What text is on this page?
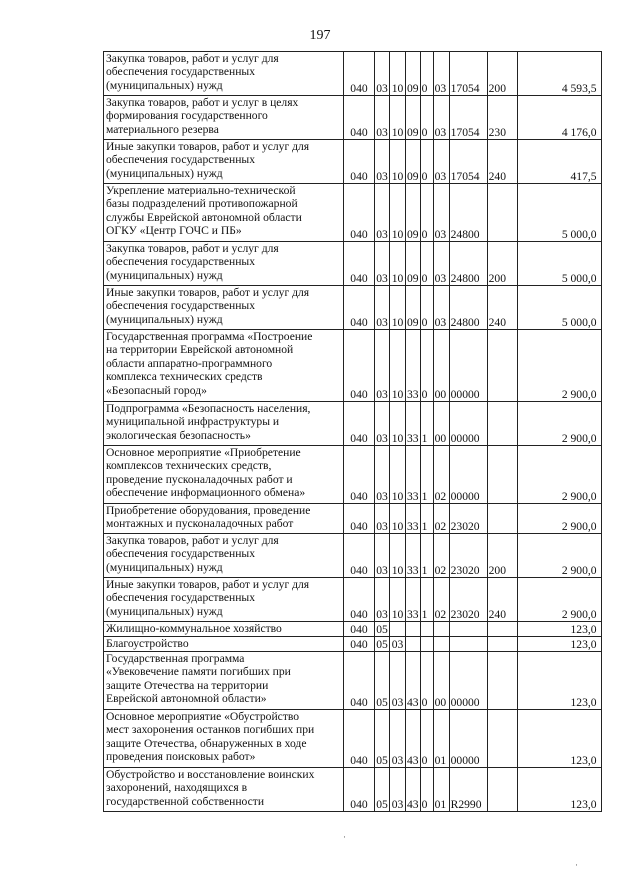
197
Закупка товаров, работ и услуг для
обеспечения государственных
(муниципальных) нужд	040	03	10	09	0	03	17054	200	4 593,5

Закупка товаров, работ и услуг в целях
формирования государственного
материального резерва	040	03	10	09	0	03	17054	230	4 176,0

Иные закупки товаров, работ и услуг для
обеспечения государственных
(муниципальных) нужд	040	03	10	09	0	03	17054	240	417,5

Укрепление материально-технической
базы подразделений противопожарной
службы Еврейской автономной области
ОГКУ «Центр ГОЧС и ПБ»	040	03	10	09	0	03	24800		5 000,0

Закупка товаров, работ и услуг для
обеспечения государственных
(муниципальных) нужд	040	03	10	09	0	03	24800	200	5 000,0

Иные закупки товаров, работ и услуг для
обеспечения государственных
(муниципальных) нужд	040	03	10	09	0	03	24800	240	5 000,0

Государственная программа «Построение
на территории Еврейской автономной
области аппаратно-программного
комплекса технических средств
«Безопасный город»	040	03	10	33	0	00	00000		2 900,0

Подпрограмма «Безопасность населения,
муниципальной инфраструктуры и
экологическая безопасность»	040	03	10	33	1	00	00000		2 900,0

Основное мероприятие «Приобретение
комплексов технических средств,
проведение пусконаладочных работ и
обеспечение информационного обмена»	040	03	10	33	1	02	00000		2 900,0

Приобретение оборудования, проведение
монтажных и пусконаладочных работ	040	03	10	33	1	02	23020		2 900,0

Закупка товаров, работ и услуг для
обеспечения государственных
(муниципальных) нужд	040	03	10	33	1	02	23020	200	2 900,0

Иные закупки товаров, работ и услуг для
обеспечения государственных
(муниципальных) нужд	040	03	10	33	1	02	23020	240	2 900,0

Жилищно-коммунальное хозяйство	040	05							123,0

Благоустройство	040	05	03						123,0

Государственная программа
«Увековечение памяти погибших при
защите Отечества на территории
Еврейской автономной области»	040	05	03	43	0	00	00000		123,0

Основное мероприятие «Обустройство
мест захоронения останков погибших при
защите Отечества, обнаруженных в ходе
проведения поисковых работ»	040	05	03	43	0	01	00000		123,0

Обустройство и восстановление воинских
захоронений, находящихся в
государственной собственности	040	05	03	43	0	01	R2990		123,0
·
·
